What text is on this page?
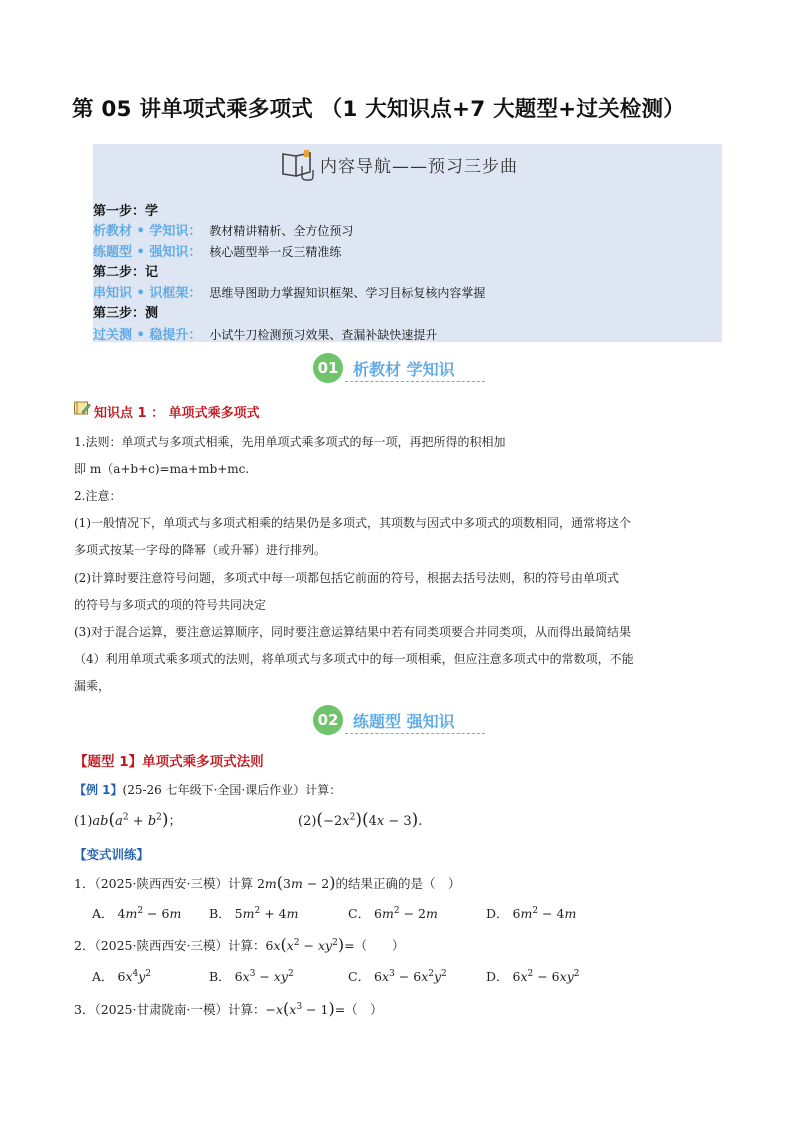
第 05 讲单项式乘多项式 （1 大知识点+7 大题型+过关检测）
内容导航——预习三步曲
第一步：学
析教材 • 学知识： 教材精讲精析、全方位预习
练题型 • 强知识： 核心题型举一反三精准练
第二步：记
串知识 • 识框架： 思维导图助力掌握知识框架、学习目标复核内容掌握
第三步：测
过关测 • 稳提升： 小试牛刀检测预习效果、查漏补缺快速提升
01 析教材 学知识
知识点 1 ： 单项式乘多项式
1.法则：单项式与多项式相乘，先用单项式乘多项式的每一项，再把所得的积相加
即 m（a+b+c)=ma+mb+mc.
2.注意：
(1)一般情况下，单项式与多项式相乘的结果仍是多项式，其项数与因式中多项式的项数相同，通常将这个
多项式按某一字母的降幂（或升幂）进行排列。
(2)计算时要注意符号问题，多项式中每一项都包括它前面的符号，根据去括号法则，积的符号由单项式
的符号与多项式的项的符号共同决定
(3)对于混合运算，要注意运算顺序，同时要注意运算结果中若有同类项要合并同类项，从而得出最简结果
（4）利用单项式乘多项式的法则，将单项式与多项式中的每一项相乘，但应注意多项式中的常数项，不能
漏乘，
02 练题型 强知识
【题型 1】单项式乘多项式法则
【例 1】(25-26 七年级下·全国·课后作业）计算：
$(1)ab(a^2 + b^2)$；	$(2)(-2x^2)(4x - 3)$.
【变式训练】
1．（2025·陕西西安·三模）计算 2m(3m − 2)的结果正确的是（　）
A． $4m^2 - 6m$ B． $5m^2 + 4m$	C． $6m^2 - 2m$	D． $6m^2 - 4m$
2．（2025·陕西西安·三模）计算：$6x(x^2 - xy^2)=$（　　）
A． $6x^4y^2$	B． $6x^3 - xy^2$	C． $6x^3 - 6x^2y^2$	D． $6x^2 - 6xy^2$
3．（2025·甘肃陇南·一模）计算：$-x(x^3 - 1)=$（　）
